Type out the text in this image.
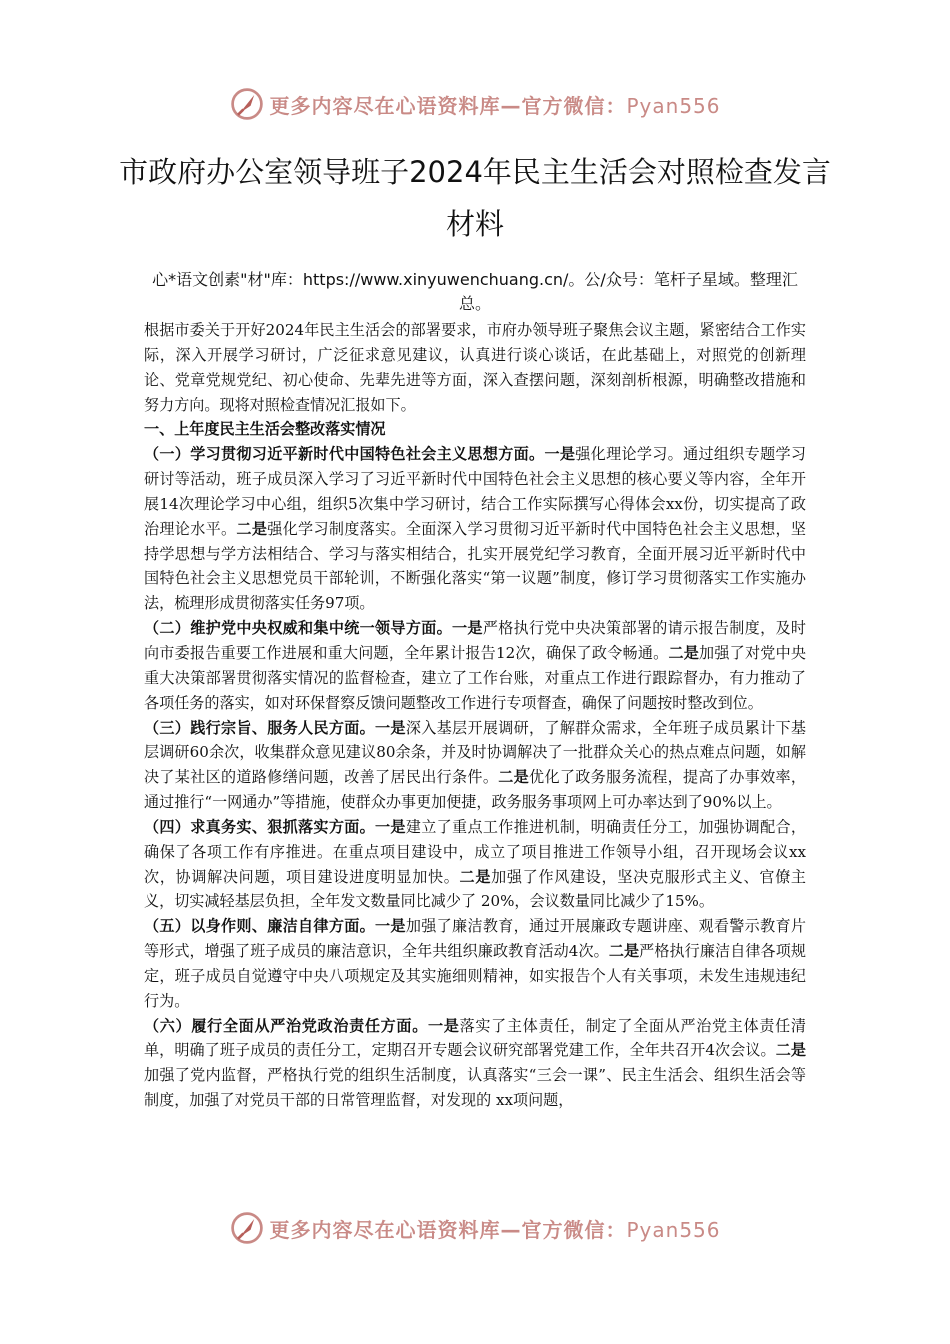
更多内容尽在心语资料库—官方微信：Pyan556
市政府办公室领导班子2024年民主生活会对照检查发言材料
心*语文创素"材"库：https://www.xinyuwenchuang.cn/。公/众号：笔杆子星域。整理汇总。

根据市委关于开好2024年民主生活会的部署要求，市府办领导班子聚焦会议主题，紧密结合工作实际，深入开展学习研讨，广泛征求意见建议，认真进行谈心谈话，在此基础上，对照党的创新理论、党章党规党纪、初心使命、先辈先进等方面，深入查摆问题，深刻剖析根源，明确整改措施和努力方向。现将对照检查情况汇报如下。

一、上年度民主生活会整改落实情况

（一）学习贯彻习近平新时代中国特色社会主义思想方面。一是强化理论学习。通过组织专题学习研讨等活动，班子成员深入学习了习近平新时代中国特色社会主义思想的核心要义等内容，全年开展14次理论学习中心组，组织5次集中学习研讨，结合工作实际撰写心得体会xx份，切实提高了政治理论水平。二是强化学习制度落实。全面深入学习贯彻习近平新时代中国特色社会主义思想，坚持学思想与学方法相结合、学习与落实相结合，扎实开展党纪学习教育，全面开展习近平新时代中国特色社会主义思想党员干部轮训，不断强化落实“第一议题”制度，修订学习贯彻落实工作实施办法，梳理形成贯彻落实任务97项。

（二）维护党中央权威和集中统一领导方面。一是严格执行党中央决策部署的请示报告制度，及时向市委报告重要工作进展和重大问题，全年累计报告12次，确保了政令畅通。二是加强了对党中央重大决策部署贯彻落实情况的监督检查，建立了工作台账，对重点工作进行跟踪督办，有力推动了各项任务的落实，如对环保督察反馈问题整改工作进行专项督查，确保了问题按时整改到位。

（三）践行宗旨、服务人民方面。一是深入基层开展调研，了解群众需求，全年班子成员累计下基层调研60余次，收集群众意见建议80余条，并及时协调解决了一批群众关心的热点难点问题，如解决了某社区的道路修缮问题，改善了居民出行条件。二是优化了政务服务流程，提高了办事效率，通过推行“一网通办”等措施，使群众办事更加便捷，政务服务事项网上可办率达到了90%以上。

（四）求真务实、狠抓落实方面。一是建立了重点工作推进机制，明确责任分工，加强协调配合，确保了各项工作有序推进。在重点项目建设中，成立了项目推进工作领导小组，召开现场会议xx次，协调解决问题，项目建设进度明显加快。二是加强了作风建设，坚决克服形式主义、官僚主义，切实减轻基层负担，全年发文数量同比减少了 20%，会议数量同比减少了15%。

（五）以身作则、廉洁自律方面。一是加强了廉洁教育，通过开展廉政专题讲座、观看警示教育片等形式，增强了班子成员的廉洁意识，全年共组织廉政教育活动4次。二是严格执行廉洁自律各项规定，班子成员自觉遵守中央八项规定及其实施细则精神，如实报告个人有关事项，未发生违规违纪行为。

（六）履行全面从严治党政治责任方面。一是落实了主体责任，制定了全面从严治党主体责任清单，明确了班子成员的责任分工，定期召开专题会议研究部署党建工作，全年共召开4次会议。二是加强了党内监督，严格执行党的组织生活制度，认真落实“三会一课”、民主生活会、组织生活会等制度，加强了对党员干部的日常管理监督，对发现的 xx项问题，

更多内容尽在心语资料库—官方微信：Pyan556
